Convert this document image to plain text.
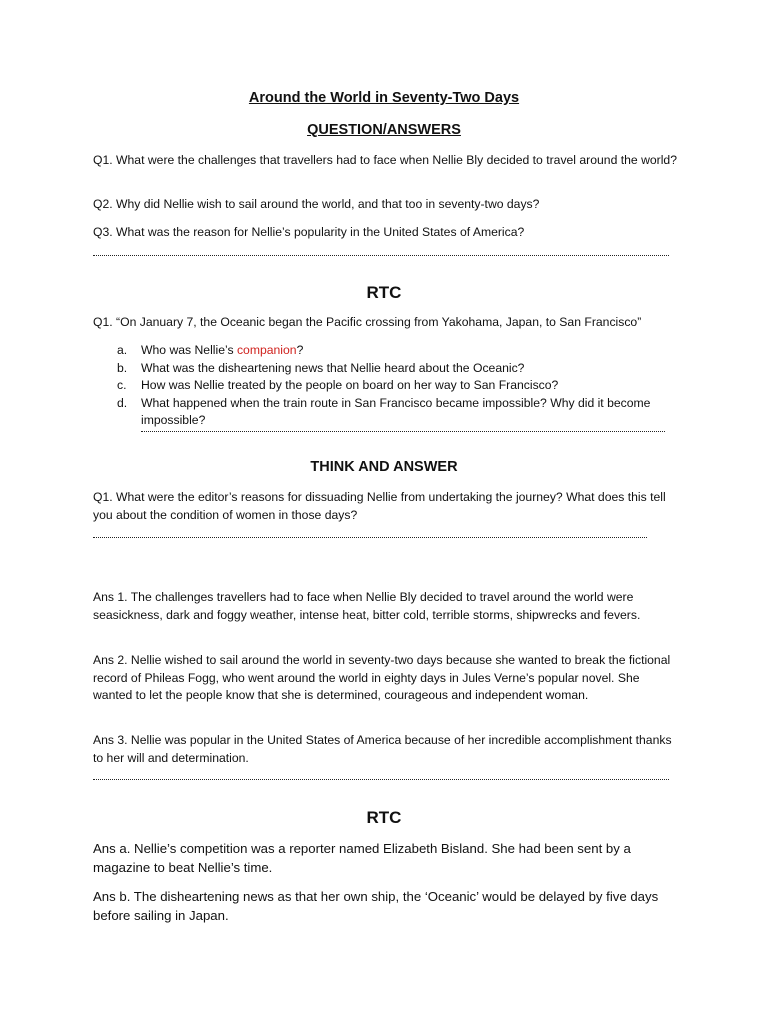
Around the World in Seventy-Two Days
QUESTION/ANSWERS
Q1. What were the challenges that travellers had to face when Nellie Bly decided to travel around the world?
Q2. Why did Nellie wish to sail around the world, and that too in seventy-two days?
Q3. What was the reason for Nellie’s popularity in the United States of America?
RTC
Q1. “On January 7, the Oceanic began the Pacific crossing from Yakohama, Japan, to San Francisco”
a. Who was Nellie’s companion?
b. What was the disheartening news that Nellie heard about the Oceanic?
c. How was Nellie treated by the people on board on her way to San Francisco?
d. What happened when the train route in San Francisco became impossible? Why did it become impossible?
THINK AND ANSWER
Q1. What were the editor’s reasons for dissuading Nellie from undertaking the journey? What does this tell you about the condition of women in those days?
Ans 1. The challenges travellers had to face when Nellie Bly decided to travel around the world were seasickness, dark and foggy weather, intense heat, bitter cold, terrible storms, shipwrecks and fevers.
Ans 2. Nellie wished to sail around the world in seventy-two days because she wanted to break the fictional record of Phileas Fogg, who went around the world in eighty days in Jules Verne’s popular novel. She wanted to let the people know that she is determined, courageous and independent woman.
Ans 3. Nellie was popular in the United States of America because of her incredible accomplishment thanks to her will and determination.
RTC
Ans a. Nellie’s competition was a reporter named Elizabeth Bisland. She had been sent by a magazine to beat Nellie’s time.
Ans b. The disheartening news as that her own ship, the ‘Oceanic’ would be delayed by five days before sailing in Japan.
